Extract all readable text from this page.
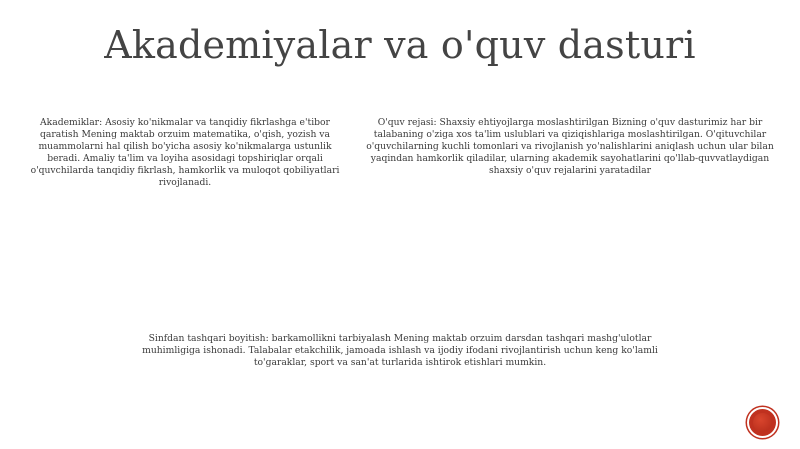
Akademiyalar va o'quv dasturi
Akademiklar: Asosiy ko'nikmalar va tanqidiy fikrlashga e'tibor qaratish Mening maktab orzuim matematika, o'qish, yozish va muammolarni hal qilish bo'yicha asosiy ko'nikmalarga ustunlik beradi. Amaliy ta'lim va loyiha asosidagi topshiriqlar orqali o'quvchilarda tanqidiy fikrlash, hamkorlik va muloqot qobiliyatlari rivojlanadi.
O'quv rejasi: Shaxsiy ehtiyojlarga moslashtirilgan Bizning o'quv dasturimiz har bir talabaning o'ziga xos ta'lim uslublari va qiziqishlariga moslashtirilgan. O'qituvchilar o'quvchilarning kuchli tomonlari va rivojlanish yo'nalishlarini aniqlash uchun ular bilan yaqindan hamkorlik qiladilar, ularning akademik sayohatlarini qo'llab-quvvatlaydigan shaxsiy o'quv rejalarini yaratadilar
Sinfdan tashqari boyitish: barkamollikni tarbiyalash Mening maktab orzuim darsdan tashqari mashg'ulotlar muhimligiga ishonadi. Talabalar etakchilik, jamoada ishlash va ijodiy ifodani rivojlantirish uchun keng ko'lamli to'garaklar, sport va san'at turlarida ishtirok etishlari mumkin.
